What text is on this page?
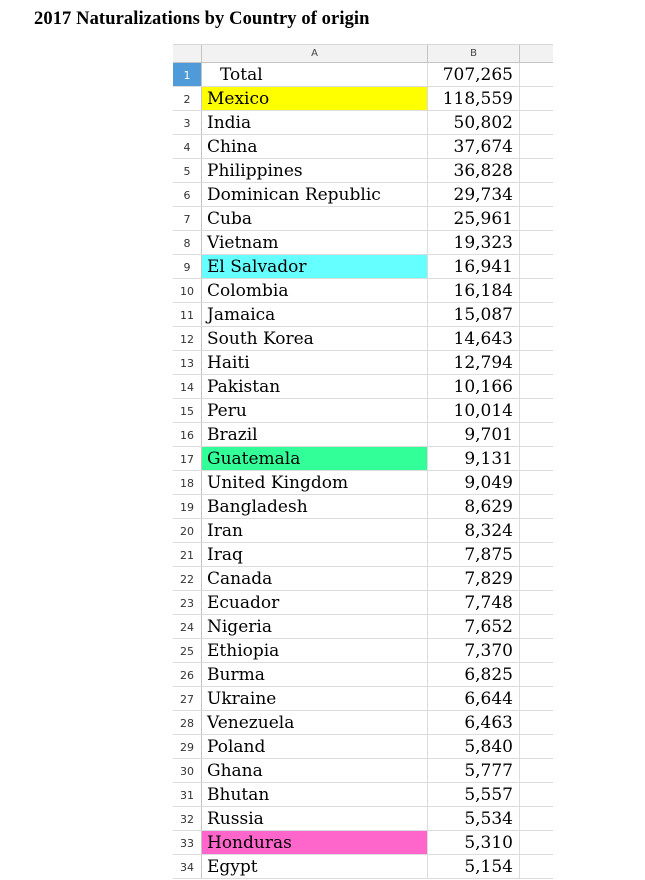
2017 Naturalizations by Country of origin
A	B
1	Total	707,265
2 Mexico	118,559
3 India	50,802
4 China	37,674
5 Philippines	36,828
6 Dominican Republic	29,734
7 Cuba	25,961
8 Vietnam	19,323
9 El Salvador	16,941
10 Colombia	16,184
11 Jamaica	15,087
12 South Korea	14,643
13 Haiti	12,794
14 Pakistan	10,166
15 Peru	10,014
16 Brazil	9,701
17 Guatemala	9,131
18 United Kingdom	9,049
19 Bangladesh	8,629
20 Iran	8,324
21 Iraq	7,875
22 Canada	7,829
23 Ecuador	7,748
24 Nigeria	7,652
25 Ethiopia	7,370
26 Burma	6,825
27 Ukraine	6,644
28 Venezuela	6,463
29 Poland	5,840
30 Ghana	5,777
31 Bhutan	5,557
32 Russia	5,534
33 Honduras	5,310
34 Egypt	5,154
